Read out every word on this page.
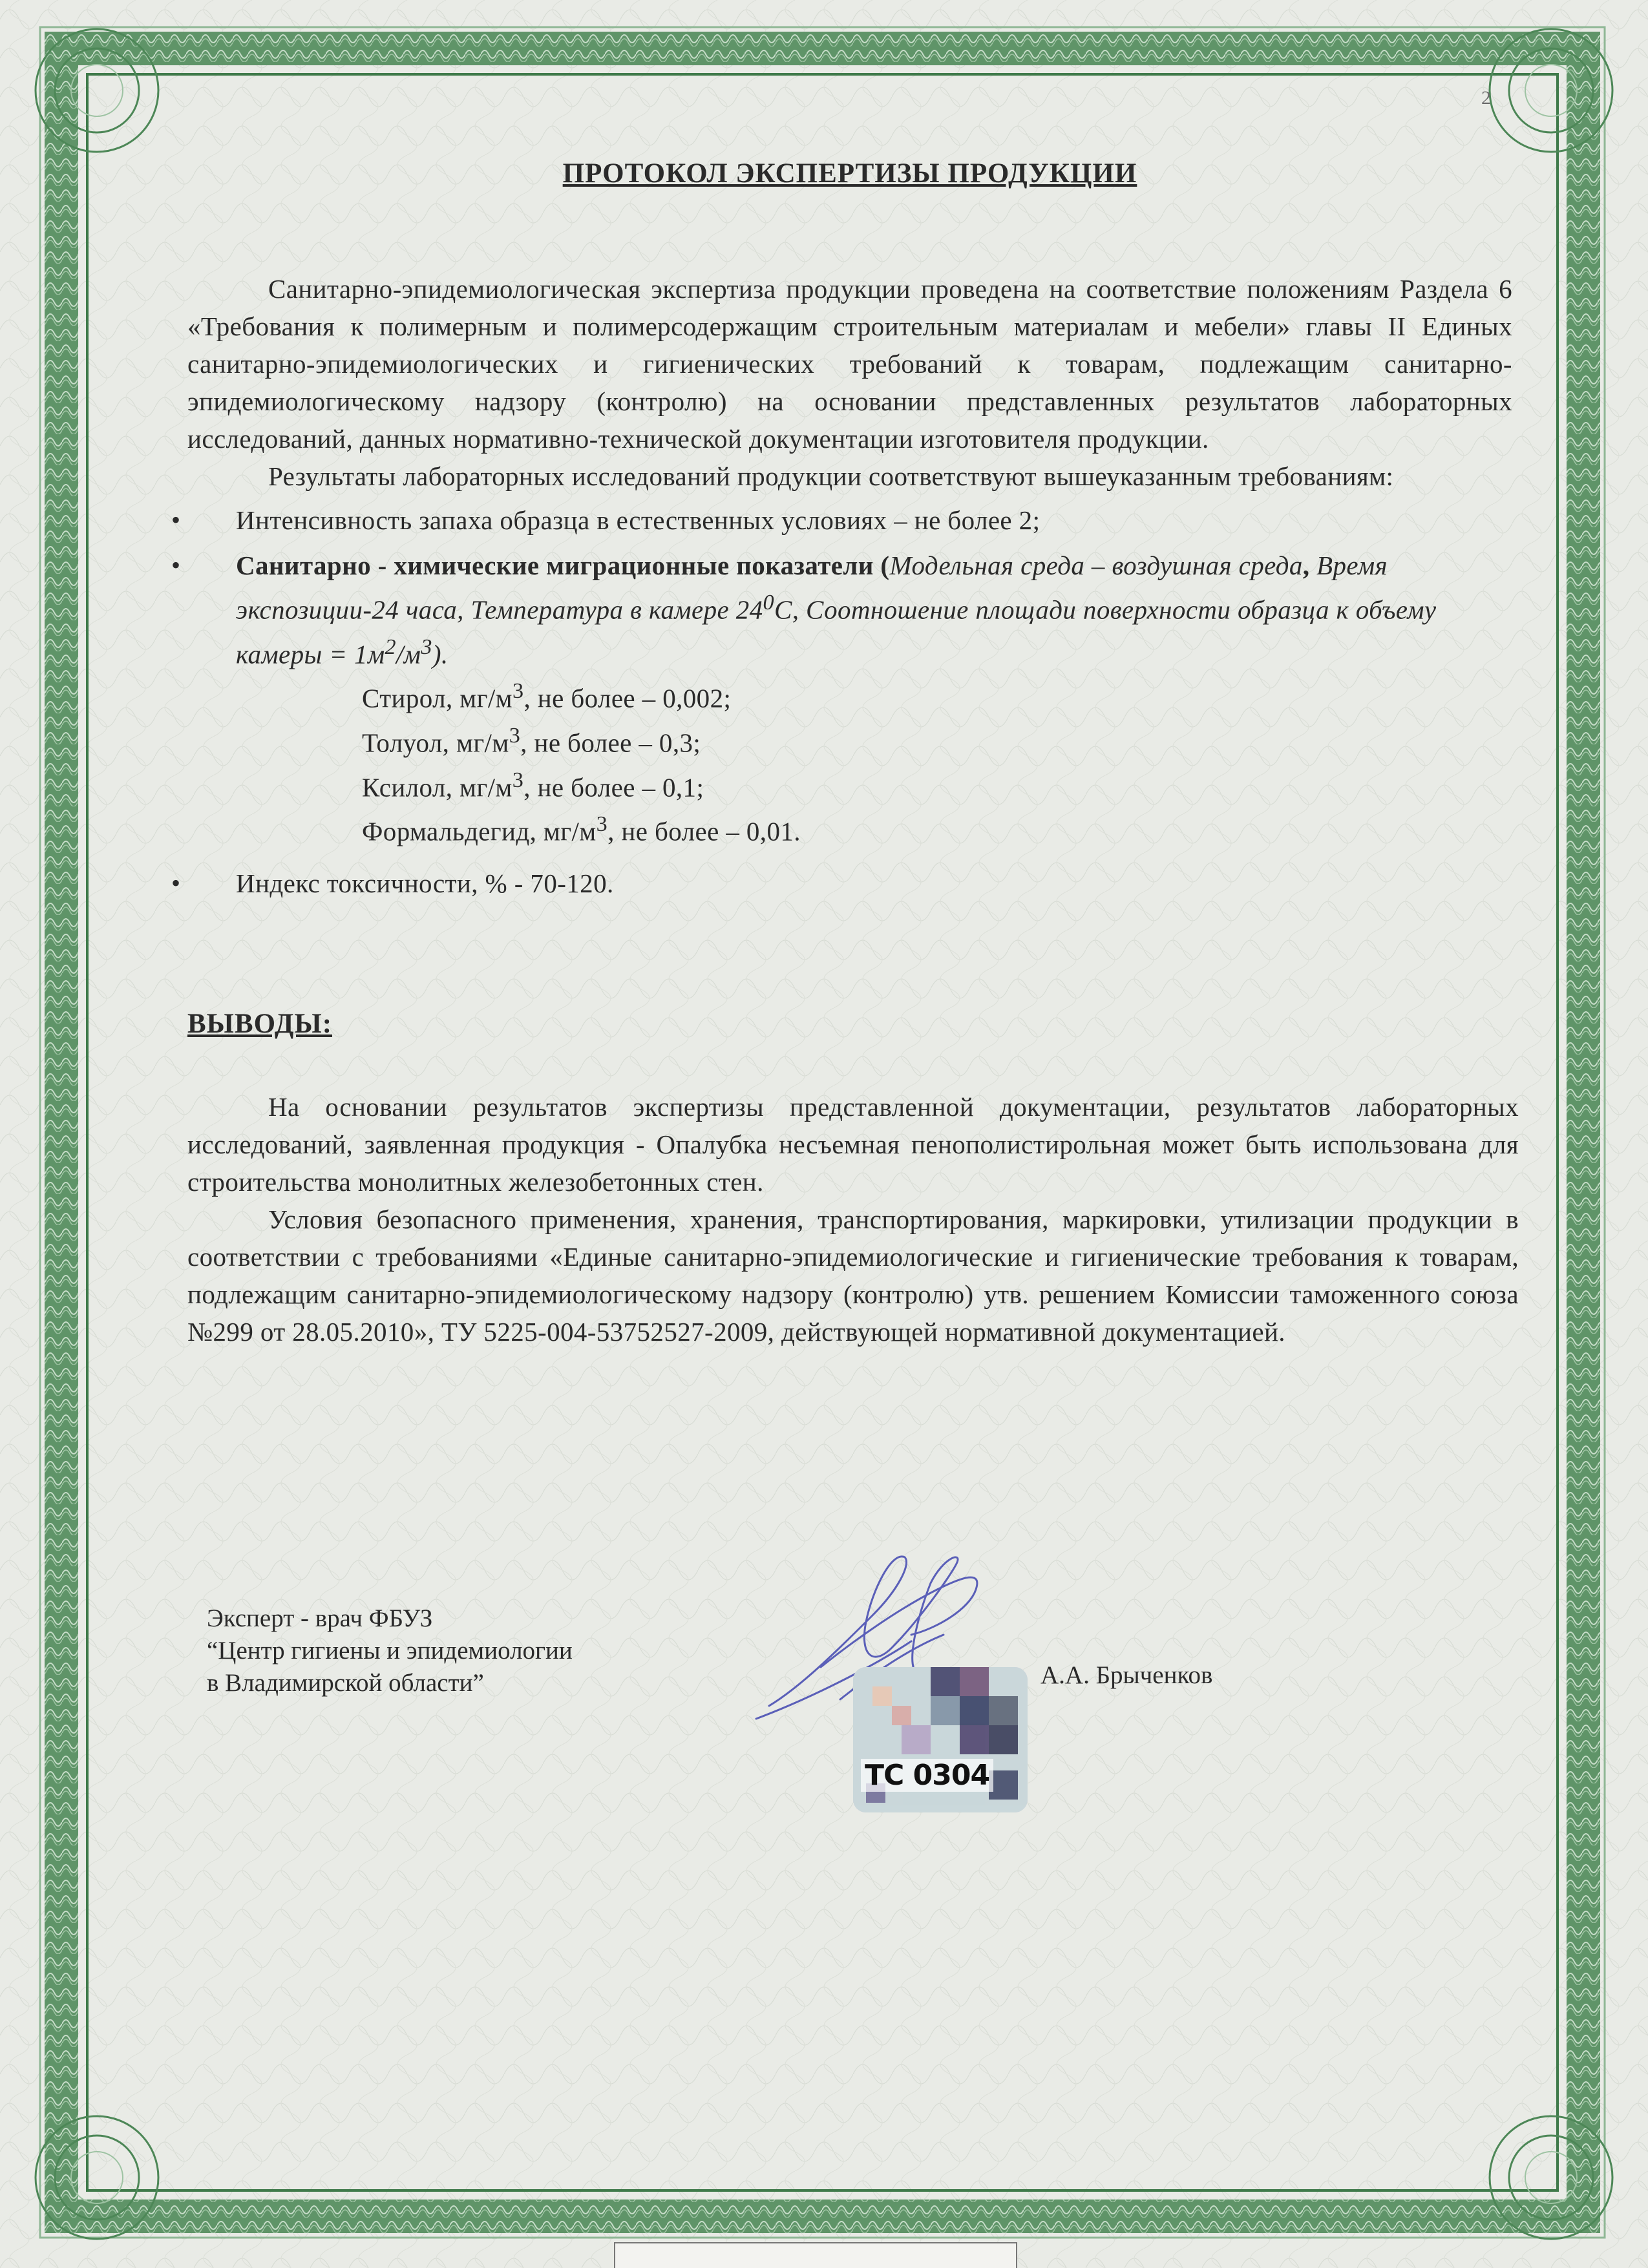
2
ПРОТОКОЛ ЭКСПЕРТИЗЫ ПРОДУКЦИИ

Санитарно-эпидемиологическая экспертиза продукции проведена на соответствие положениям Раздела 6 «Требования к полимерным и полимерсодержащим строительным материалам и мебели» главы II Единых санитарно-эпидемиологических и гигиенических требований к товарам, подлежащим санитарно-эпидемиологическому надзору (контролю) на основании представленных результатов лабораторных исследований, данных нормативно-технической документации изготовителя продукции.

Результаты лабораторных исследований продукции соответствуют вышеуказанным требованиям:

• Интенсивность запаха образца в естественных условиях – не более 2;
• Санитарно - химические миграционные показатели (Модельная среда – воздушная среда, Время экспозиции-24 часа, Температура в камере $24^0С$, Соотношение площади поверхности образца к объему камеры = $1м^2/м^3$).
Стирол, $мг/м^3$, не более – 0,002;
Толуол, $мг/м^3$, не более – 0,3;
Ксилол, $мг/м^3$, не более – 0,1;
Формальдегид, $мг/м^3$, не более – 0,01.
• Индекс токсичности, % - 70-120.
ВЫВОДЫ:

На основании результатов экспертизы представленной документации, результатов лабораторных исследований, заявленная продукция - Опалубка несъемная пенополистирольная может быть использована для строительства монолитных железобетонных стен.

Условия безопасного применения, хранения, транспортирования, маркировки, утилизации продукции в соответствии с требованиями «Единые санитарно-эпидемиологические и гигиенические требования к товарам, подлежащим санитарно-эпидемиологическому надзору (контролю) утв. решением Комиссии таможенного союза №299 от 28.05.2010», ТУ 5225-004-53752527-2009, действующей нормативной документацией.

Эксперт - врач ФБУЗ
“Центр гигиены и эпидемиологии
в Владимирской области”	А.А. Брыченков
ТС 0304
